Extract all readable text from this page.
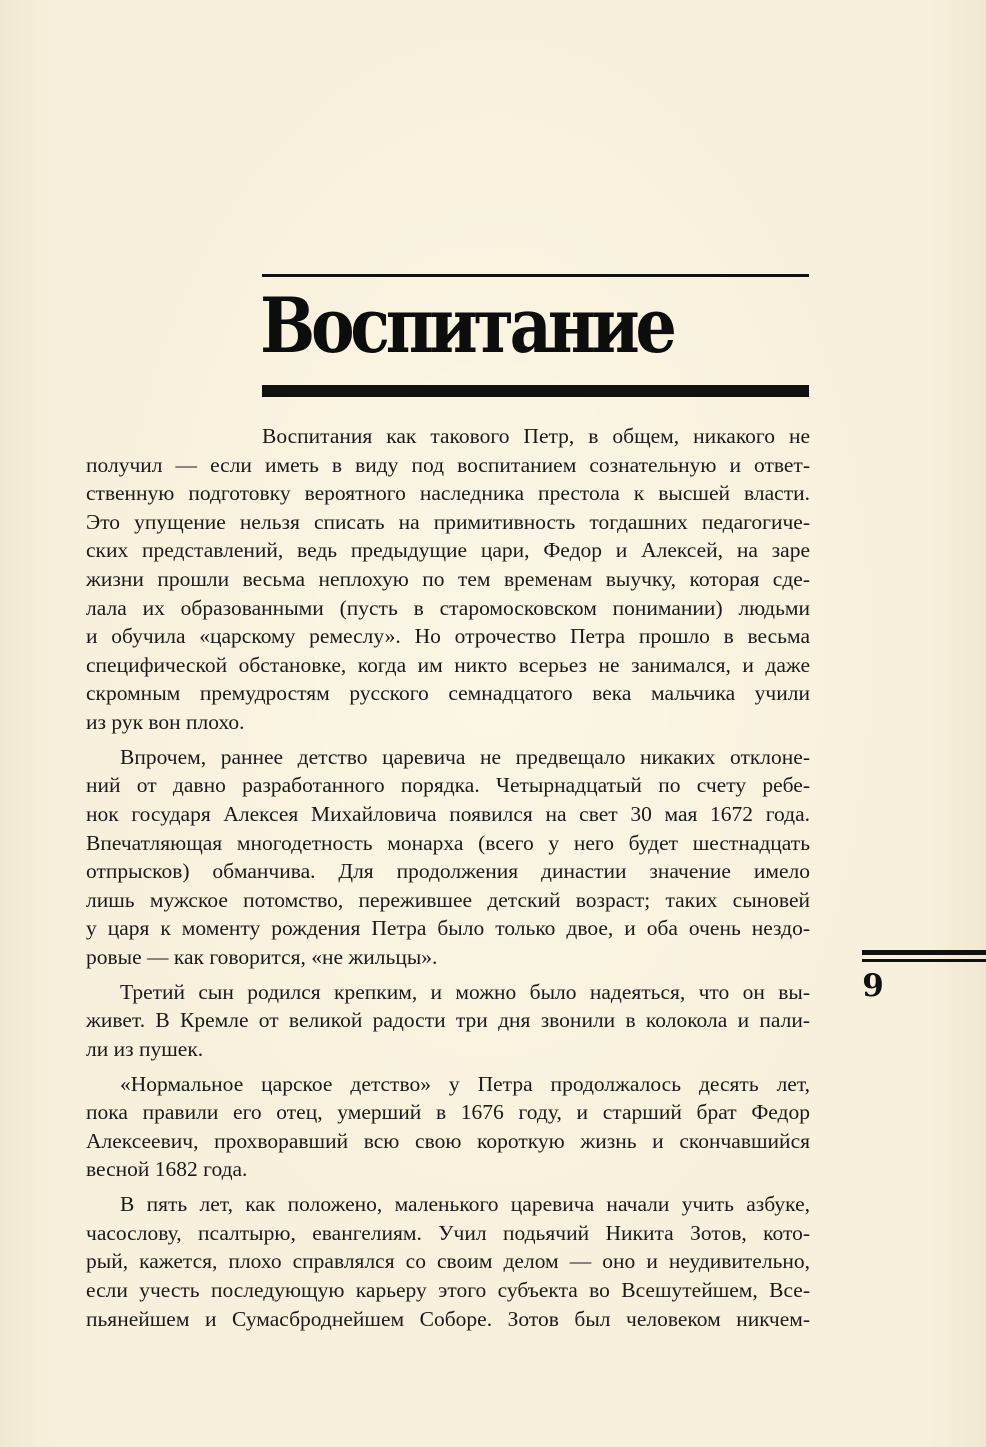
Воспитание
Воспитания как такового Петр, в общем, никакого не
получил — если иметь в виду под воспитанием сознательную и ответ-
ственную подготовку вероятного наследника престола к высшей власти.
Это упущение нельзя списать на примитивность тогдашних педагогиче-
ских представлений, ведь предыдущие цари, Федор и Алексей, на заре
жизни прошли весьма неплохую по тем временам выучку, которая сде-
лала их образованными (пусть в старомосковском понимании) людьми
и обучила «царскому ремеслу». Но отрочество Петра прошло в весьма
специфической обстановке, когда им никто всерьез не занимался, и даже
скромным премудростям русского семнадцатого века мальчика учили
из рук вон плохо.
Впрочем, раннее детство царевича не предвещало никаких отклоне-
ний от давно разработанного порядка. Четырнадцатый по счету ребе-
нок государя Алексея Михайловича появился на свет 30 мая 1672 года.
Впечатляющая многодетность монарха (всего у него будет шестнадцать
отпрысков) обманчива. Для продолжения династии значение имело
лишь мужское потомство, пережившее детский возраст; таких сыновей
у царя к моменту рождения Петра было только двое, и оба очень нездо-
ровые — как говорится, «не жильцы».
Третий сын родился крепким, и можно было надеяться, что он вы-
живет. В Кремле от великой радости три дня звонили в колокола и пали-
ли из пушек.
«Нормальное царское детство» у Петра продолжалось десять лет,
пока правили его отец, умерший в 1676 году, и старший брат Федор
Алексеевич, прохворавший всю свою короткую жизнь и скончавшийся
весной 1682 года.
В пять лет, как положено, маленького царевича начали учить азбуке,
часослову, псалтырю, евангелиям. Учил подьячий Никита Зотов, кото-
рый, кажется, плохо справлялся со своим делом — оно и неудивительно,
если учесть последующую карьеру этого субъекта во Всешутейшем, Все-
пьянейшем и Сумасброднейшем Соборе. Зотов был человеком никчем-
9
